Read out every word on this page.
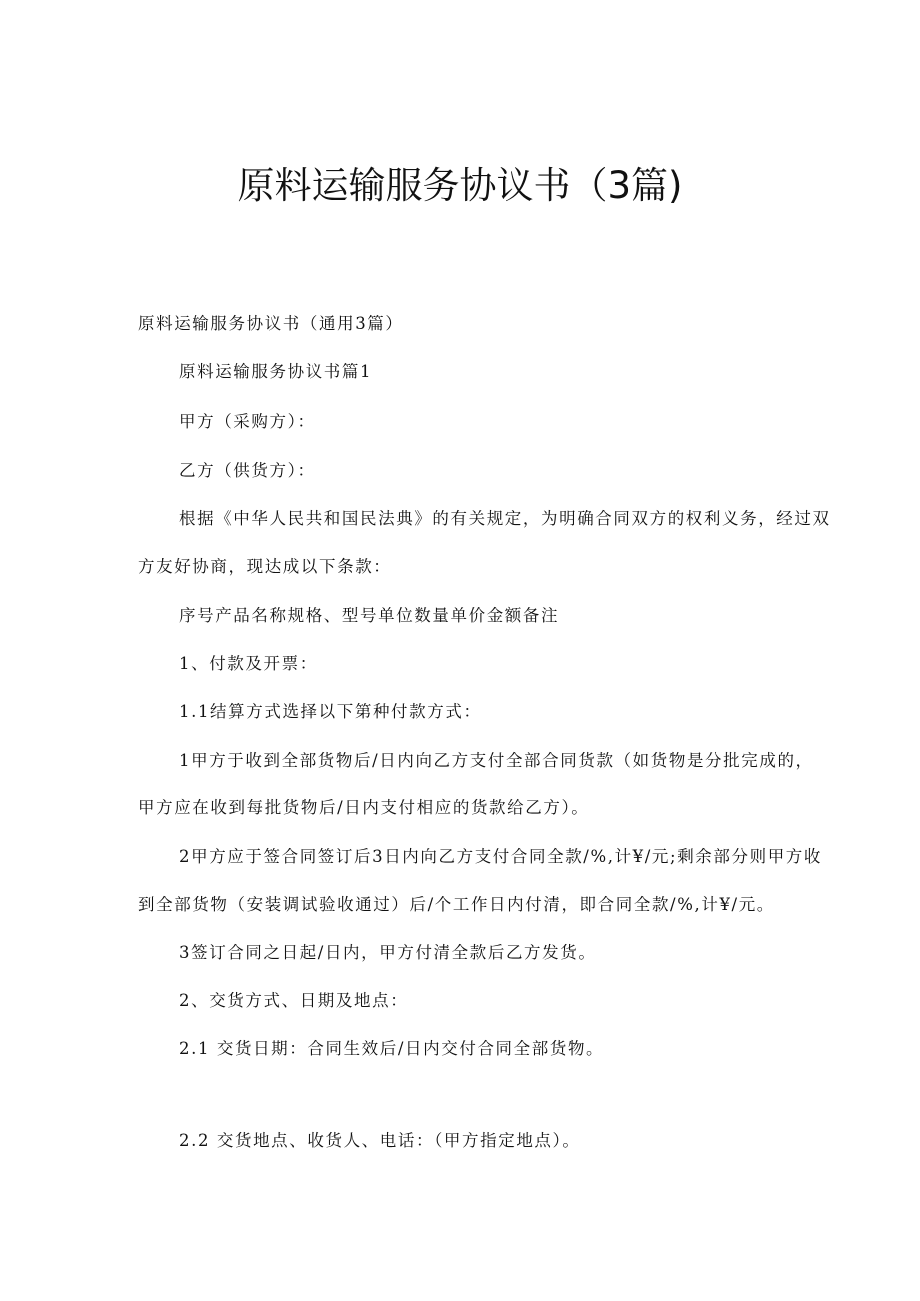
原料运输服务协议书（3篇)
原料运输服务协议书（通用3篇）
原料运输服务协议书篇1
甲方（采购方）：
乙方（供货方）：
根据《中华人民共和国民法典》的有关规定，为明确合同双方的权利义务，经过双
方友好协商，现达成以下条款：
序号产品名称规格、型号单位数量单价金额备注
1、付款及开票：
1.1结算方式选择以下第种付款方式：
1甲方于收到全部货物后/日内向乙方支付全部合同货款（如货物是分批完成的，
甲方应在收到每批货物后/日内支付相应的货款给乙方）。
2甲方应于签合同签订后3日内向乙方支付合同全款/%,计¥/元;剩余部分则甲方收
到全部货物（安装调试验收通过）后/个工作日内付清，即合同全款/%,计¥/元。
3签订合同之日起/日内，甲方付清全款后乙方发货。
2、交货方式、日期及地点：
2.1 交货日期：合同生效后/日内交付合同全部货物。
2.2 交货地点、收货人、电话：（甲方指定地点）。
